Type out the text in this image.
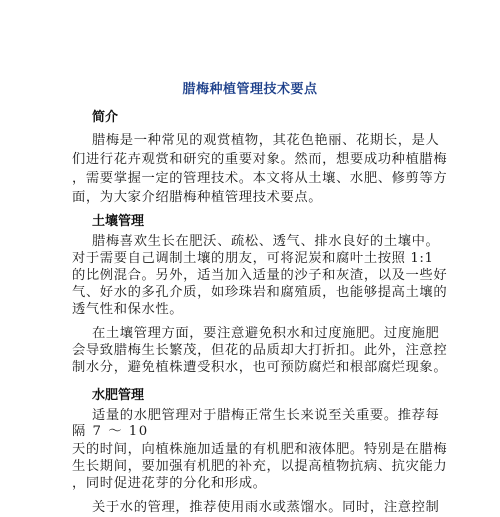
腊梅种植管理技术要点
简介
腊梅是一种常见的观赏植物，其花色艳丽、花期长，是人
们进行花卉观赏和研究的重要对象。然而，想要成功种植腊梅
，需要掌握一定的管理技术。本文将从土壤、水肥、修剪等方
面，为大家介绍腊梅种植管理技术要点。
土壤管理
腊梅喜欢生长在肥沃、疏松、透气、排水良好的土壤中。
对于需要自己调制土壤的朋友，可将泥炭和腐叶土按照 1:1
的比例混合。另外，适当加入适量的沙子和灰渣，以及一些好
气、好水的多孔介质，如珍珠岩和腐殖质，也能够提高土壤的
透气性和保水性。
在土壤管理方面，要注意避免积水和过度施肥。过度施肥
会导致腊梅生长繁茂，但花的品质却大打折扣。此外，注意控
制水分，避免植株遭受积水，也可预防腐烂和根部腐烂现象。
水肥管理
适量的水肥管理对于腊梅正常生长来说至关重要。推荐每
隔 7 ～ 10
天的时间，向植株施加适量的有机肥和液体肥。特别是在腊梅
生长期间，要加强有机肥的补充，以提高植物抗病、抗灾能力
，同时促进花芽的分化和形成。
关于水的管理，推荐使用雨水或蒸馏水。同时，注意控制
